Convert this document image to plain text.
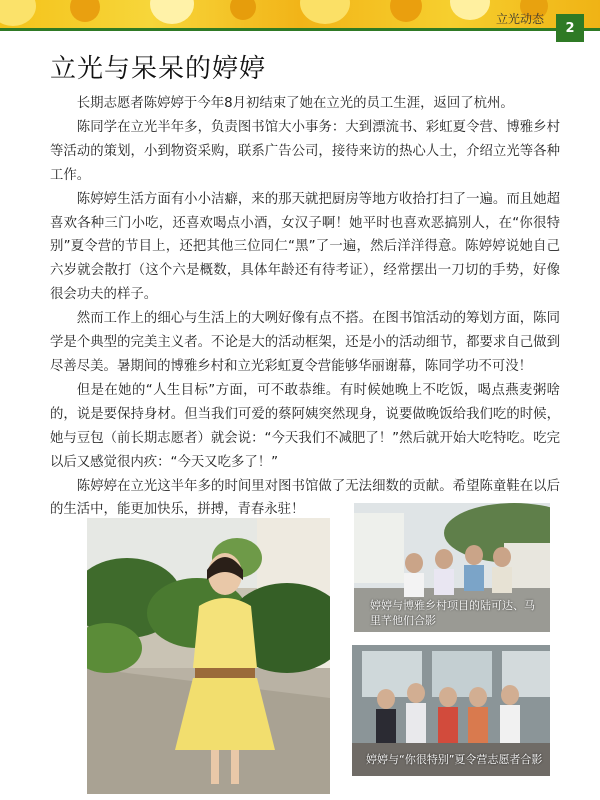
立光动态
2
立光与呆呆的婷婷

长期志愿者陈婷婷于今年8月初结束了她在立光的员工生涯，返回了杭州。

陈同学在立光半年多，负责图书馆大小事务：大到漂流书、彩虹夏令营、博雅乡村等活动的策划，小到物资采购，联系广告公司，接待来访的热心人士，介绍立光等各种工作。

陈婷婷生活方面有小小洁癖，来的那天就把厨房等地方收拾打扫了一遍。而且她超喜欢各种三门小吃，还喜欢喝点小酒，女汉子啊！她平时也喜欢恶搞别人，在“你很特别”夏令营的节目上，还把其他三位同仁“黑”了一遍，然后洋洋得意。陈婷婷说她自己六岁就会散打（这个六是概数，具体年龄还有待考证），经常摆出一刀切的手势，好像很会功夫的样子。

然而工作上的细心与生活上的大咧好像有点不搭。在图书馆活动的筹划方面，陈同学是个典型的完美主义者。不论是大的活动框架，还是小的活动细节，都要求自己做到尽善尽美。暑期间的博雅乡村和立光彩虹夏令营能够华丽谢幕，陈同学功不可没！

但是在她的“人生目标”方面，可不敢恭维。有时候她晚上不吃饭，喝点燕麦粥啥的，说是要保持身材。但当我们可爱的蔡阿姨突然现身，说要做晚饭给我们吃的时候，她与豆包（前长期志愿者）就会说：“今天我们不减肥了！”然后就开始大吃特吃。吃完以后又感觉很内疚：“今天又吃多了！”

陈婷婷在立光这半年多的时间里对图书馆做了无法细数的贡献。希望陈童鞋在以后的生活中，能更加快乐，拼搏，青春永驻！

婷婷与博雅乡村项目的陆可达、马里芊他们合影
婷婷与“你很特别”夏令营志愿者合影
